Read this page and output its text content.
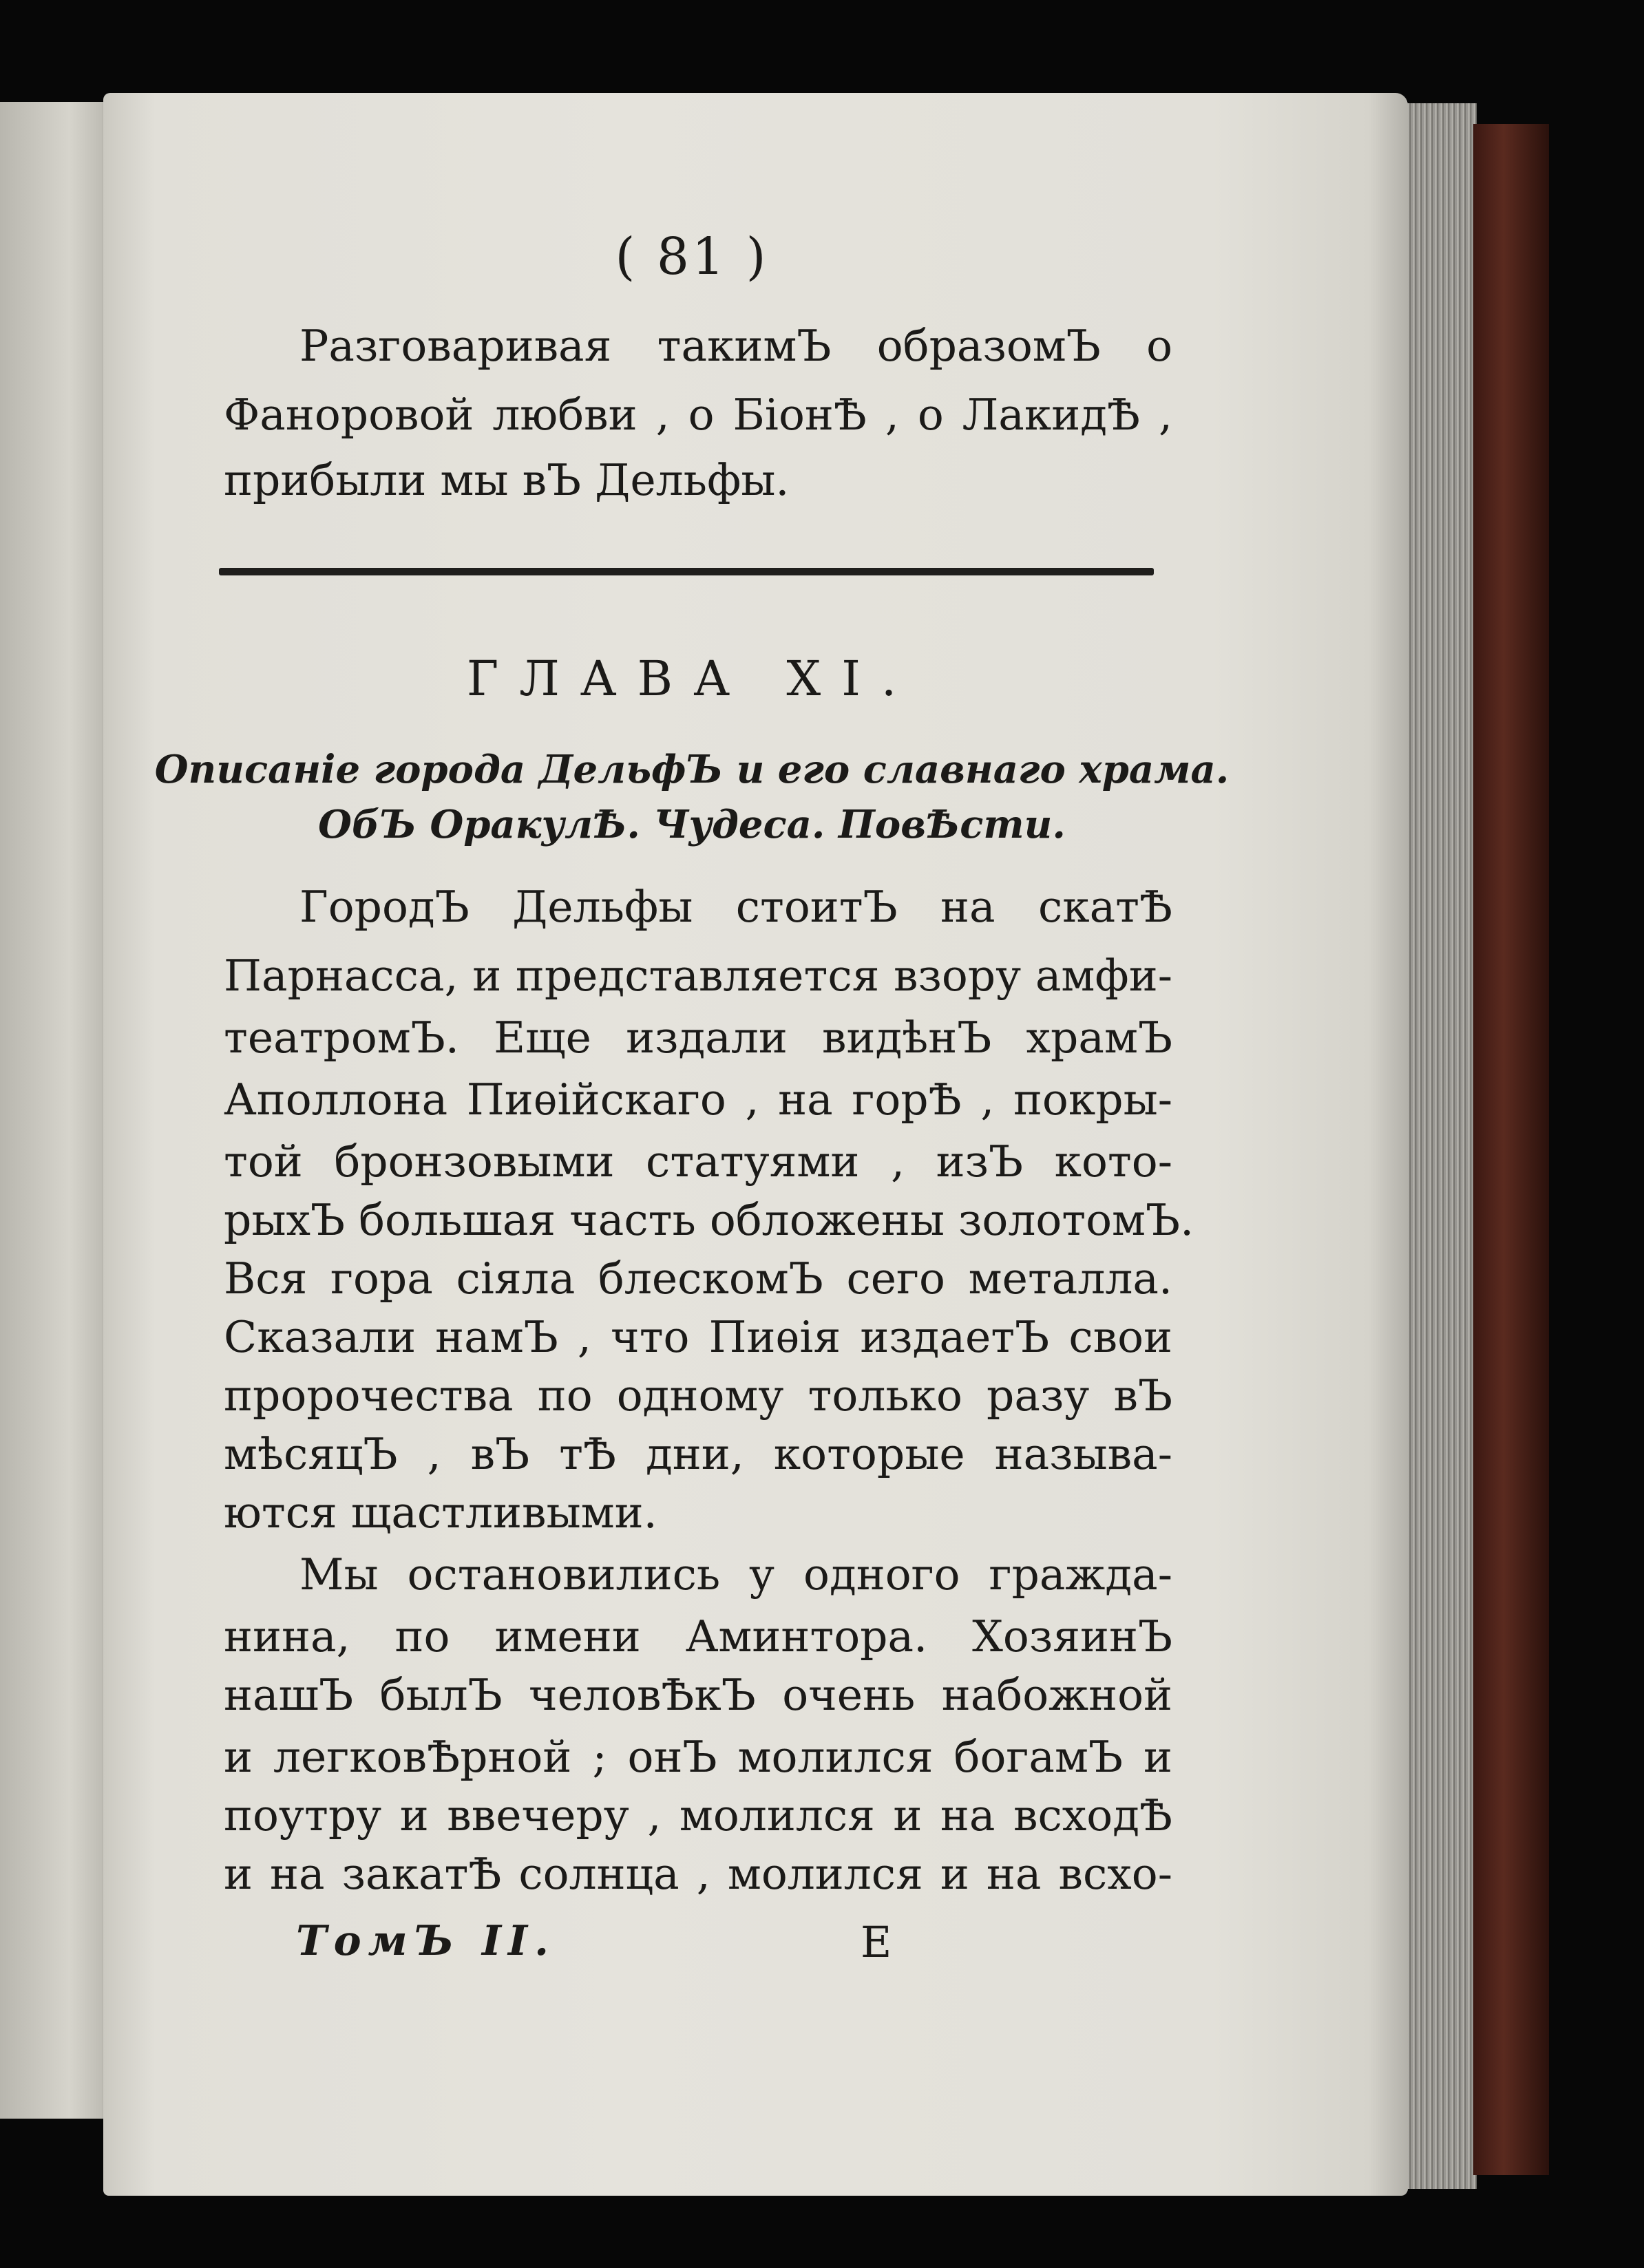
( 81 )
Разговаривая такимЪ образомЪ о
Фаноровой любви , о БіонѢ , о ЛакидѢ ,
прибыли мы вЪ Дельфы.
ГЛАВА XI.
Описаніе города ДельфЪ и его славнаго храма.
ОбЪ ОракулѢ. Чудеса. ПовѢсти.
ГородЪ Дельфы стоитЪ на скатѢ
Парнасса, и представляется взору амфи-
театромЪ. Еще издали видѣнЪ храмЪ
Аполлона Пиѳійскаго , на горѢ , покры-
той бронзовыми статуями , изЪ кото-
рыхЪ большая часть обложены золотомЪ.
Вся гора сіяла блескомЪ сего металла.
Сказали намЪ , что Пиѳія издаетЪ свои
пророчества по одному только разу вЪ
мѣсяцЪ , вЪ тѢ дни, которые называ-
ются щастливыми.
Мы остановились у одного гражда-
нина, по имени Аминтора. ХозяинЪ
нашЪ былЪ человѢкЪ очень набожной
и легковѢрной ; онЪ молился богамЪ и
поутру и ввечеру , молился и на всходѢ
и на закатѢ солнца , молился и на всхо-
ТомЪ II.	Е
